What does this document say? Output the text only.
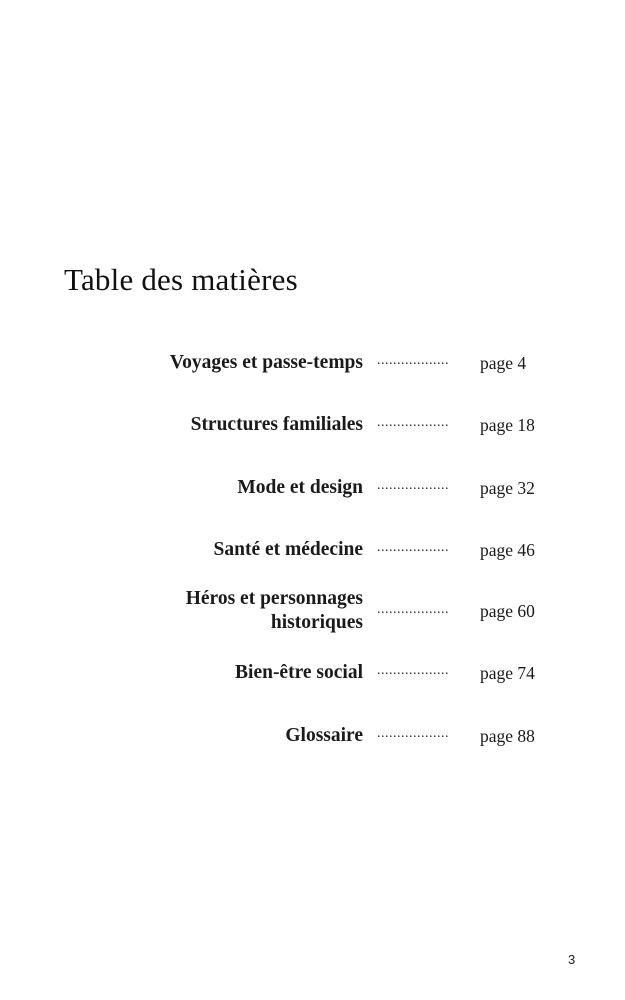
Table des matières
Voyages et passe-temps .................. page 4
Structures familiales .................. page 18
Mode et design .................. page 32
Santé et médecine .................. page 46
Héros et personnages
historiques
.................. page 60
Bien-être social .................. page 74
Glossaire .................. page 88
3
